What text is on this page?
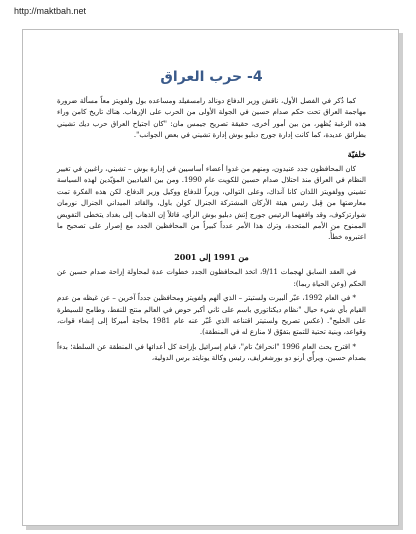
http://maktbah.net
4- حرب العراق

كما ذُكر في الفصل الأول، ناقش وزير الدفاع دونالد رامسفيلد ومساعده بول ولفويتز معاً مسألة ضرورة مهاجمة العراق تحت حكم صدام حسين في الجولة الأولى من الحرب على الإرهاب. هناك تاريخ كامن وراء هذه الرغبة يُظهر، من بين أمور أخرى، حقيقة تصريح جيمس مان: "كان اجتياح العراق حرب ديك تشيني بطرائق عديدة، كما كانت إدارة جورج دبليو بوش إدارة تشيني في بعض الجوانب".

خلفيّة

كان المحافظون جدد عنيدون، ومنهم من غدوا أعضاء أساسيين في إدارة بوش – تشيني، راغبين في تغيير النظام في العراق منذ احتلال صدام حسين للكويت عام 1990. ومن بين القياديين المؤيّدين لهذه السياسة تشيني وولفويتز اللذان كانا آنذاك، وعلى التوالي، وزيراً للدفاع ووكيل وزير الدفاع. لكن هذه الفكرة تمت معارضتها من قِبل رئيس هيئة الأركان المشتركة الجنرال كولن باول، والقائد الميداني الجنرال نورمان شوارتزكوف، وقد وافقهما الرئيس جورج إتش دبليو بوش الرأي، قائلاً إن الذهاب إلى بغداد يتخطى التفويض الممنوح من الأمم المتحدة، وترك هذا الأمر عدداً كبيراً من المحافظين الجدد مع إصرار على تصحيح ما اعتبروه خطأً.

من 1991 إلى 2001

في العقد السابق لهجمات 9/11، اتخذ المحافظون الجدد خطوات عدة لمحاولة إزاحة صدام حسين عن الحكم (وعن الحياة ربما):

* في العام 1992، عبّر ألبيرت ولستيتر – الذي ألهم ولفويتز ومحافظين جدداً آخرين – عن غيظه من عدم القيام بأي شيء حيال "نظام ديكتاتوري باسم على ثاني أكبر حوض في العالم منتج للنفط، وطامح للسيطرة على الخليج". (عكس تصريح ولستيتر اقتناعه الذي عُبّر عنه عام 1981 بحاجة أميركا إلى إنشاء قوات، وقواعد، وبنية تحتية للتمتع بتفوّق لا منازع له في المنطقة).

* اقترح بحث العام 1996 "انحرافٌ تام"، قيام إسرائيل بإزاحة كل أعدائها في المنطقة عن السلطة؛ بدءاً بصدام حسين. ويرأّي أرنو دو بورشغرايف، رئيس وكالة يونايتد برس الدولية،
